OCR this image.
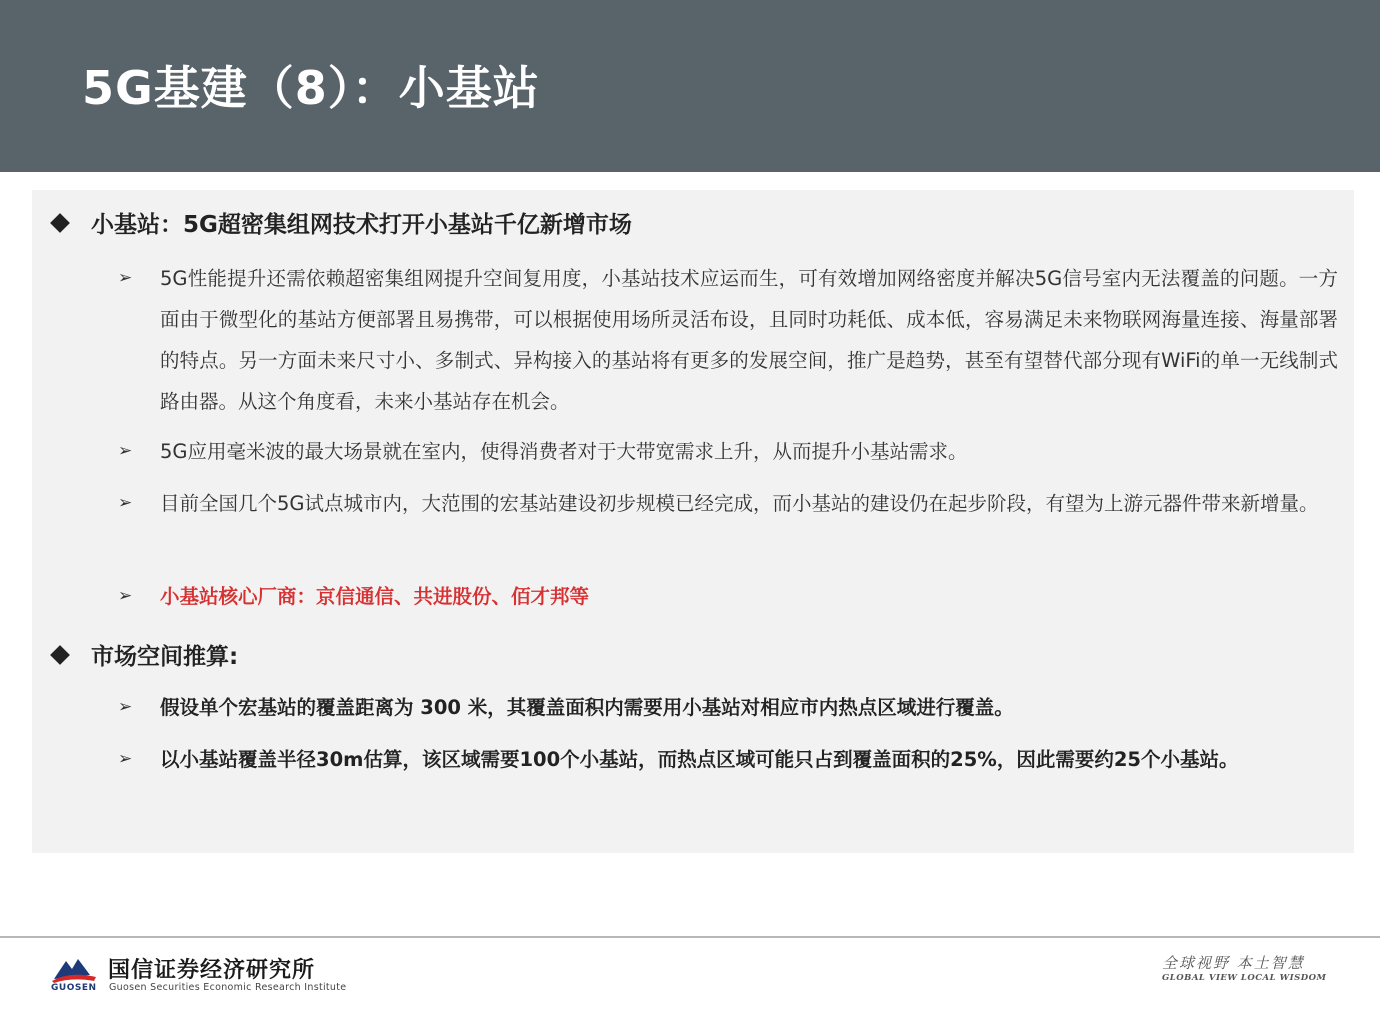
5G基建（8）：小基站
小基站：5G超密集组网技术打开小基站千亿新增市场
➢ 5G性能提升还需依赖超密集组网提升空间复用度，小基站技术应运而生，可有效增加网络密度并解决5G信号室内无法覆盖的问题。一方面由于微型化的基站方便部署且易携带，可以根据使用场所灵活布设，且同时功耗低、成本低，容易满足未来物联网海量连接、海量部署的特点。另一方面未来尺寸小、多制式、异构接入的基站将有更多的发展空间，推广是趋势，甚至有望替代部分现有WiFi的单一无线制式路由器。从这个角度看，未来小基站存在机会。
➢ 5G应用毫米波的最大场景就在室内，使得消费者对于大带宽需求上升，从而提升小基站需求。
➢ 目前全国几个5G试点城市内，大范围的宏基站建设初步规模已经完成，而小基站的建设仍在起步阶段，有望为上游元器件带来新增量。
➢ 小基站核心厂商：京信通信、共进股份、佰才邦等
市场空间推算:
➢ 假设单个宏基站的覆盖距离为 300 米，其覆盖面积内需要用小基站对相应市内热点区域进行覆盖。
➢ 以小基站覆盖半径30m估算，该区域需要100个小基站，而热点区域可能只占到覆盖面积的25%，因此需要约25个小基站。
GUOSEN
国信证券经济研究所
Guosen Securities Economic Research Institute
全球视野 本土智慧
GLOBAL VIEW LOCAL WISDOM
